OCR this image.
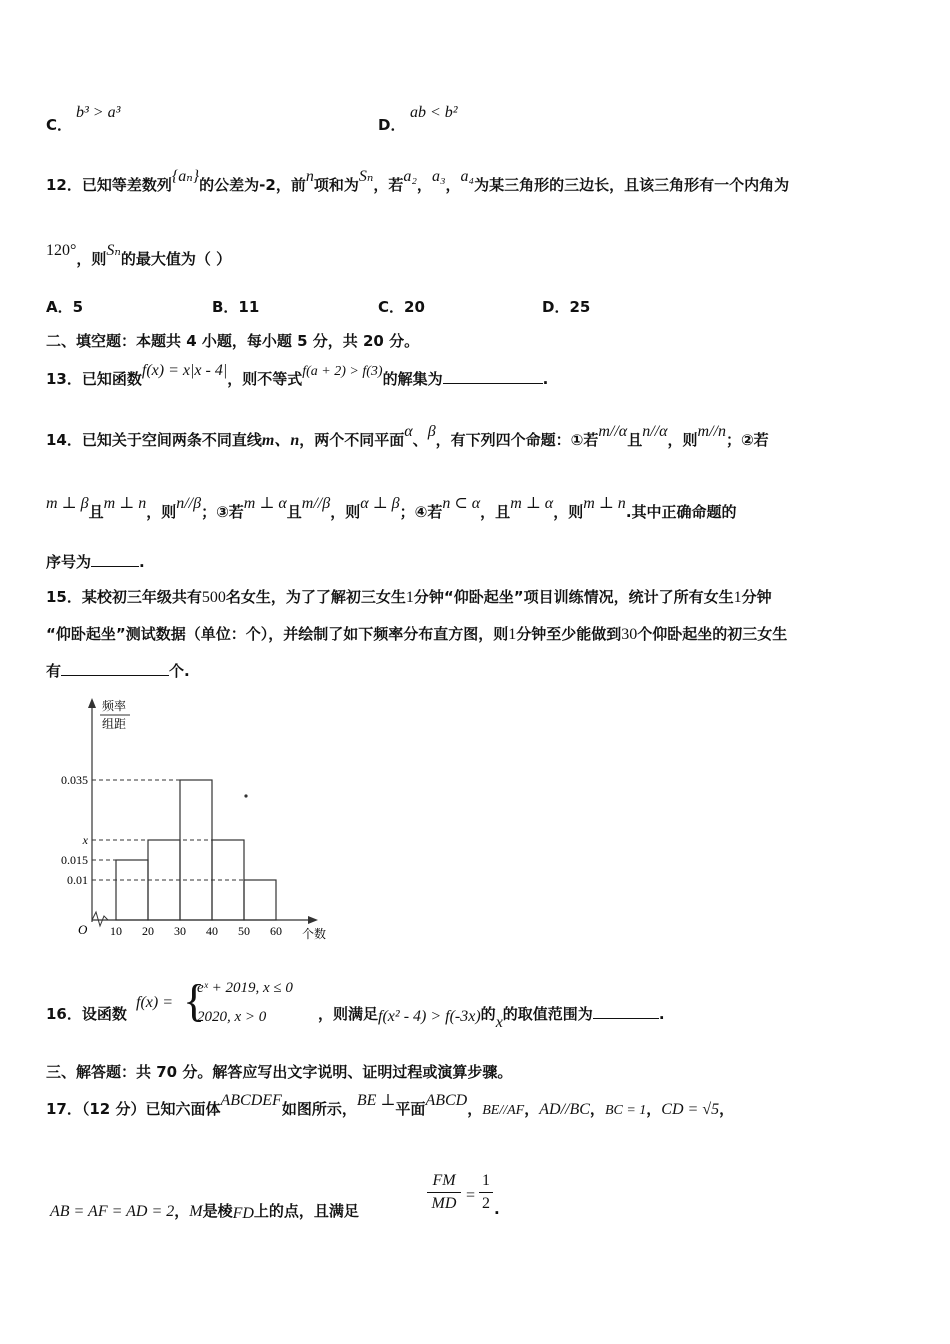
C．
b³ > a³
D．
ab < b²
12．已知等差数列{aₙ}的公差为-2，前n项和为Sₙ，若a₂，a₃，a₄为某三角形的三边长，且该三角形有一个内角为
120°，则Sₙ的最大值为（ ）
A．5	B．11	C．20	D．25
二、填空题：本题共 4 小题，每小题 5 分，共 20 分。
13．已知函数f(x) = x|x - 4|，则不等式f(a + 2) > f(3)的解集为	.
14．已知关于空间两条不同直线m、n，两个不同平面α、β，有下列四个命题：①若m//α且n//α，则m//n；②若
m ⊥ β且m ⊥ n，则n//β；③若m ⊥ α且m//β，则α ⊥ β；④若n ⊂ α，且m ⊥ α，则m ⊥ n.其中正确命题的
序号为	.
15．某校初三年级共有500名女生，为了了解初三女生1分钟“仰卧起坐”项目训练情况，统计了所有女生1分钟
“仰卧起坐”测试数据（单位：个），并绘制了如下频率分布直方图，则1分钟至少能做到30个仰卧起坐的初三女生
有	个.
频率
组距
O	个数
0.035
x
0.015
0.01
10 20 30 40 50 60
16．设函数
f(x) = {
eˣ + 2019, x ≤ 0
2020, x > 0	，则满足f(x² - 4) > f(-3x)的x的取值范围为	.
三、解答题：共 70 分。解答应写出文字说明、证明过程或演算步骤。
17．（12 分）已知六面体ABCDEF如图所示，BE ⊥平面ABCD，BE//AF，AD//BC，BC = 1，CD = √5，
AB = AF = AD = 2，M是棱FD上的点，且满足
FM
MD =
1
2 .
